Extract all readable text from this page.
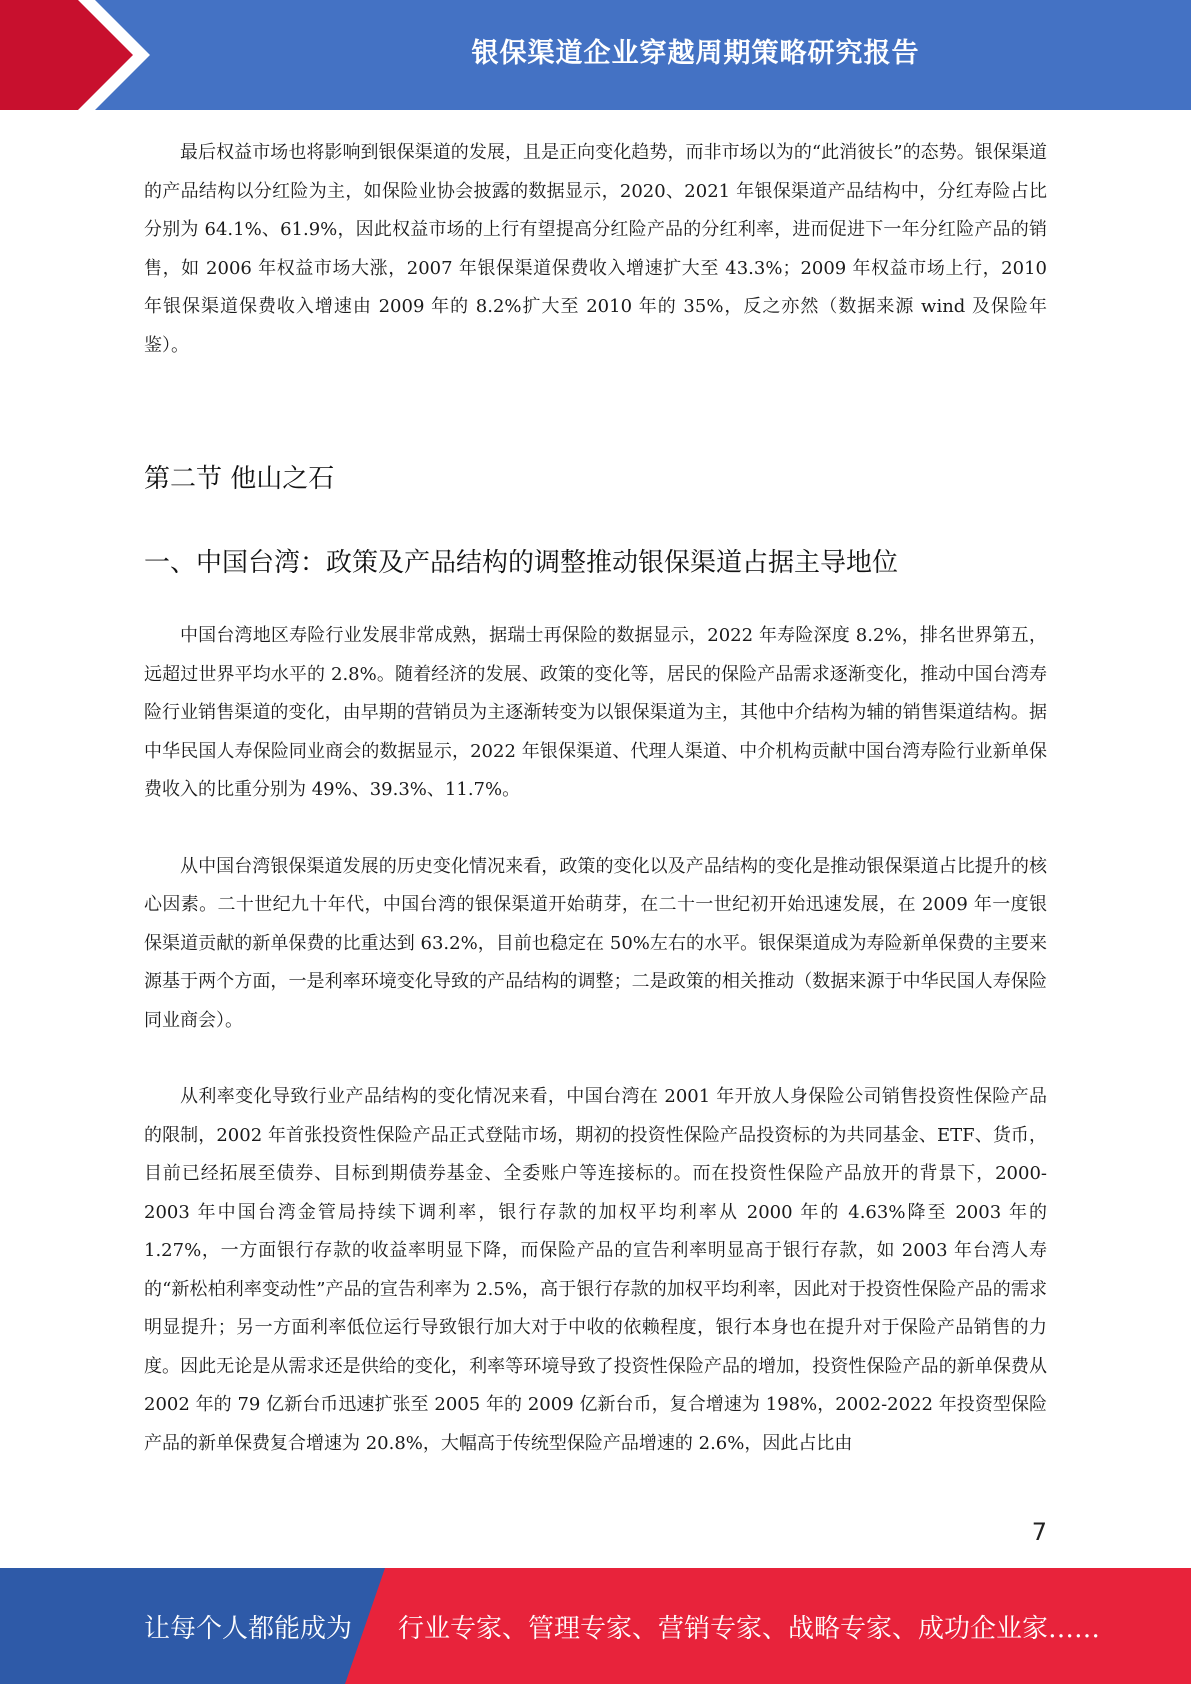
银保渠道企业穿越周期策略研究报告

最后权益市场也将影响到银保渠道的发展，且是正向变化趋势，而非市场以为的“此消彼长”的态势。银保渠道的产品结构以分红险为主，如保险业协会披露的数据显示，2020、2021 年银保渠道产品结构中，分红寿险占比分别为 64.1%、61.9%，因此权益市场的上行有望提高分红险产品的分红利率，进而促进下一年分红险产品的销售，如 2006 年权益市场大涨，2007 年银保渠道保费收入增速扩大至 43.3%；2009 年权益市场上行，2010 年银保渠道保费收入增速由 2009 年的 8.2%扩大至 2010 年的 35%，反之亦然（数据来源 wind 及保险年鉴）。

第二节 他山之石
一、中国台湾：政策及产品结构的调整推动银保渠道占据主导地位

中国台湾地区寿险行业发展非常成熟，据瑞士再保险的数据显示，2022 年寿险深度 8.2%，排名世界第五，远超过世界平均水平的 2.8%。随着经济的发展、政策的变化等，居民的保险产品需求逐渐变化，推动中国台湾寿险行业销售渠道的变化，由早期的营销员为主逐渐转变为以银保渠道为主，其他中介结构为辅的销售渠道结构。据中华民国人寿保险同业商会的数据显示，2022 年银保渠道、代理人渠道、中介机构贡献中国台湾寿险行业新单保费收入的比重分别为 49%、39.3%、11.7%。

从中国台湾银保渠道发展的历史变化情况来看，政策的变化以及产品结构的变化是推动银保渠道占比提升的核心因素。二十世纪九十年代，中国台湾的银保渠道开始萌芽，在二十一世纪初开始迅速发展，在 2009 年一度银保渠道贡献的新单保费的比重达到 63.2%，目前也稳定在 50%左右的水平。银保渠道成为寿险新单保费的主要来源基于两个方面，一是利率环境变化导致的产品结构的调整；二是政策的相关推动（数据来源于中华民国人寿保险同业商会）。

从利率变化导致行业产品结构的变化情况来看，中国台湾在 2001 年开放人身保险公司销售投资性保险产品的限制，2002 年首张投资性保险产品正式登陆市场，期初的投资性保险产品投资标的为共同基金、ETF、货币，目前已经拓展至债券、目标到期债券基金、全委账户等连接标的。而在投资性保险产品放开的背景下，2000-2003 年中国台湾金管局持续下调利率，银行存款的加权平均利率从 2000 年的 4.63%降至 2003 年的 1.27%，一方面银行存款的收益率明显下降，而保险产品的宣告利率明显高于银行存款，如 2003 年台湾人寿的“新松柏利率变动性”产品的宣告利率为 2.5%，高于银行存款的加权平均利率，因此对于投资性保险产品的需求明显提升；另一方面利率低位运行导致银行加大对于中收的依赖程度，银行本身也在提升对于保险产品销售的力度。因此无论是从需求还是供给的变化，利率等环境导致了投资性保险产品的增加，投资性保险产品的新单保费从 2002 年的 79 亿新台币迅速扩张至 2005 年的 2009 亿新台币，复合增速为 198%，2002-2022 年投资型保险产品的新单保费复合增速为 20.8%，大幅高于传统型保险产品增速的 2.6%，因此占比由

7
让每个人都能成为 行业专家、管理专家、营销专家、战略专家、成功企业家……
